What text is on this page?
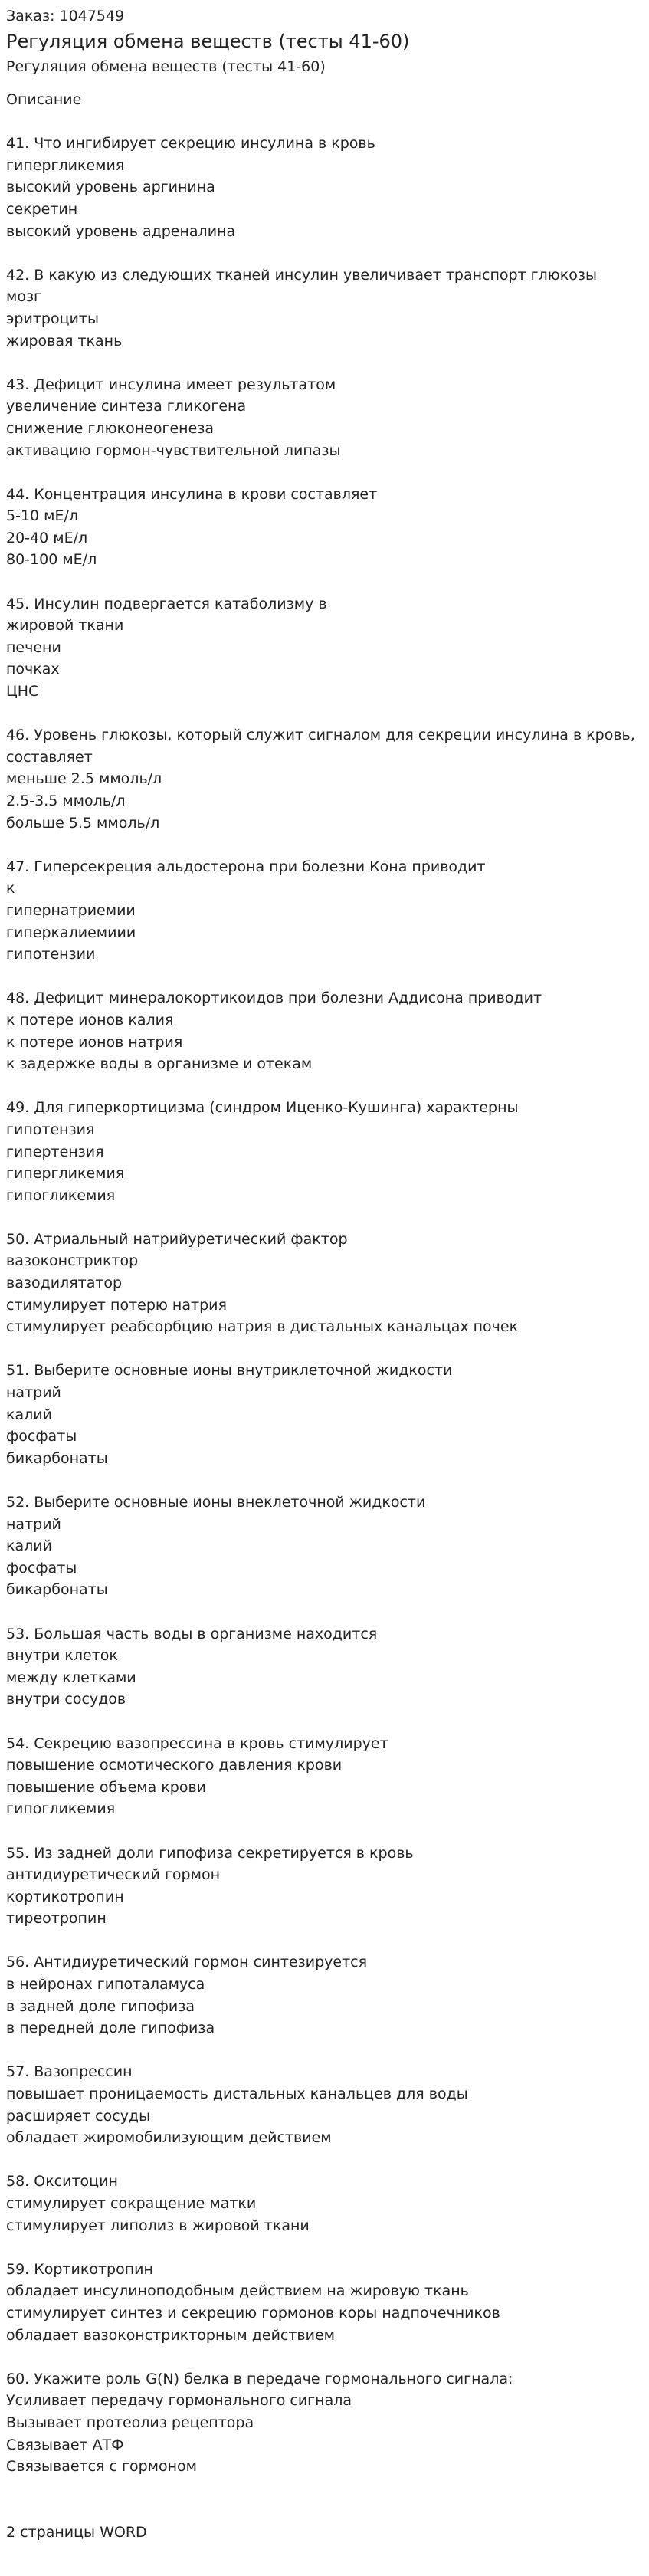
Заказ: 1047549
Регуляция обмена веществ (тесты 41-60)
Регуляция обмена веществ (тесты 41-60)
Описание
41. Что ингибирует секрецию инсулина в кровь
гипергликемия
высокий уровень аргинина
секретин
высокий уровень адреналина
42. В какую из следующих тканей инсулин увеличивает транспорт глюкозы
мозг
эритроциты
жировая ткань
43. Дефицит инсулина имеет результатом
увеличение синтеза гликогена
снижение глюконеогенеза
активацию гормон-чувствительной липазы
44. Концентрация инсулина в крови составляет
5-10 мЕ/л
20-40 мЕ/л
80-100 мЕ/л
45. Инсулин подвергается катаболизму в
жировой ткани
печени
почках
ЦНС
46. Уровень глюкозы, который служит сигналом для секреции инсулина в кровь, составляет
меньше 2.5 ммоль/л
2.5-3.5 ммоль/л
больше 5.5 ммоль/л
47. Гиперсекреция альдостерона при болезни Кона приводит
к
гипернатриемии
гиперкалиемиии
гипотензии
48. Дефицит минералокортикоидов при болезни Аддисона приводит
к потере ионов калия
к потере ионов натрия
к задержке воды в организме и отекам
49. Для гиперкортицизма (синдром Иценко-Кушинга) характерны
гипотензия
гипертензия
гипергликемия
гипогликемия
50. Атриальный натрийуретический фактор
вазоконстриктор
вазодилятатор
стимулирует потерю натрия
стимулирует реабсорбцию натрия в дистальных канальцах почек
51. Выберите основные ионы внутриклеточной жидкости
натрий
калий
фосфаты
бикарбонаты
52. Выберите основные ионы внеклеточной жидкости
натрий
калий
фосфаты
бикарбонаты
53. Большая часть воды в организме находится
внутри клеток
между клетками
внутри сосудов
54. Секрецию вазопрессина в кровь стимулирует
повышение осмотического давления крови
повышение объема крови
гипогликемия
55. Из задней доли гипофиза секретируется в кровь
антидиуретический гормон
кортикотропин
тиреотропин
56. Антидиуретический гормон синтезируется
в нейронах гипоталамуса
в задней доле гипофиза
в передней доле гипофиза
57. Вазопрессин
повышает проницаемость дистальных канальцев для воды
расширяет сосуды
обладает жиромобилизующим действием
58. Окситоцин
стимулирует сокращение матки
стимулирует липолиз в жировой ткани
59. Кортикотропин
обладает инсулиноподобным действием на жировую ткань
стимулирует синтез и секрецию гормонов коры надпочечников
обладает вазоконстрикторным действием
60. Укажите роль G(N) белка в передаче гормонального сигнала:
Усиливает передачу гормонального сигнала
Вызывает протеолиз рецептора
Связывает АТФ
Связывается с гормоном
2 страницы WORD
